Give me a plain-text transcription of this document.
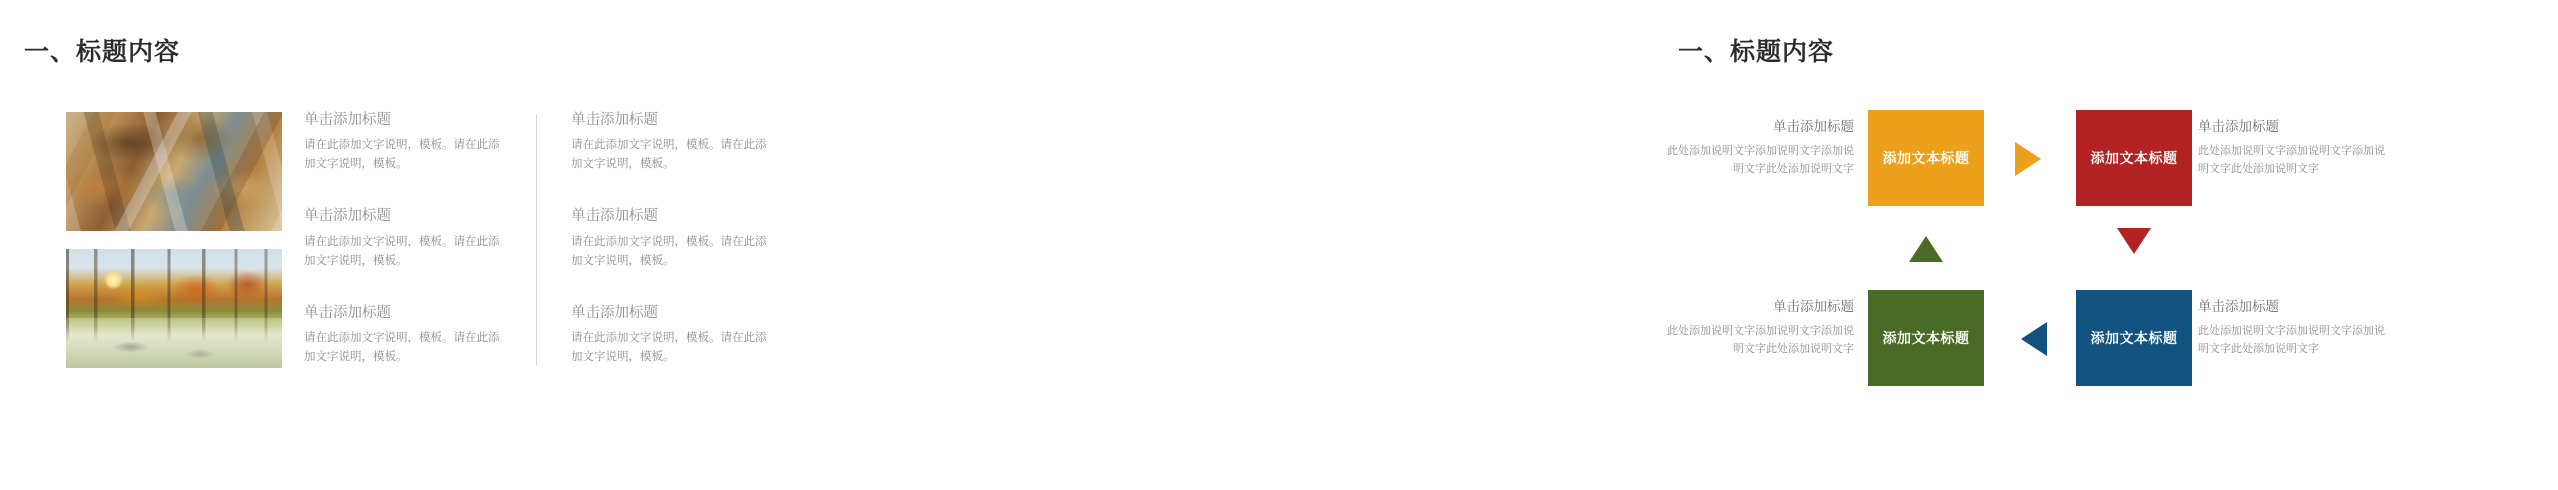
一、标题内容

单击添加标题

请在此添加文字说明，模板。请在此添加文字说明，模板。

单击添加标题

请在此添加文字说明，模板。请在此添加文字说明，模板。

单击添加标题

请在此添加文字说明，模板。请在此添加文字说明，模板。

单击添加标题

请在此添加文字说明，模板。请在此添加文字说明，模板。

单击添加标题

请在此添加文字说明，模板。请在此添加文字说明，模板。

单击添加标题

请在此添加文字说明，模板。请在此添加文字说明，模板。

一、标题内容

单击添加标题

此处添加说明文字添加说明文字添加说明文字此处添加说明文字

单击添加标题

此处添加说明文字添加说明文字添加说明文字此处添加说明文字

单击添加标题

此处添加说明文字添加说明文字添加说明文字此处添加说明文字

单击添加标题

此处添加说明文字添加说明文字添加说明文字此处添加说明文字

添加文本标题	添加文本标题
添加文本标题	添加文本标题
